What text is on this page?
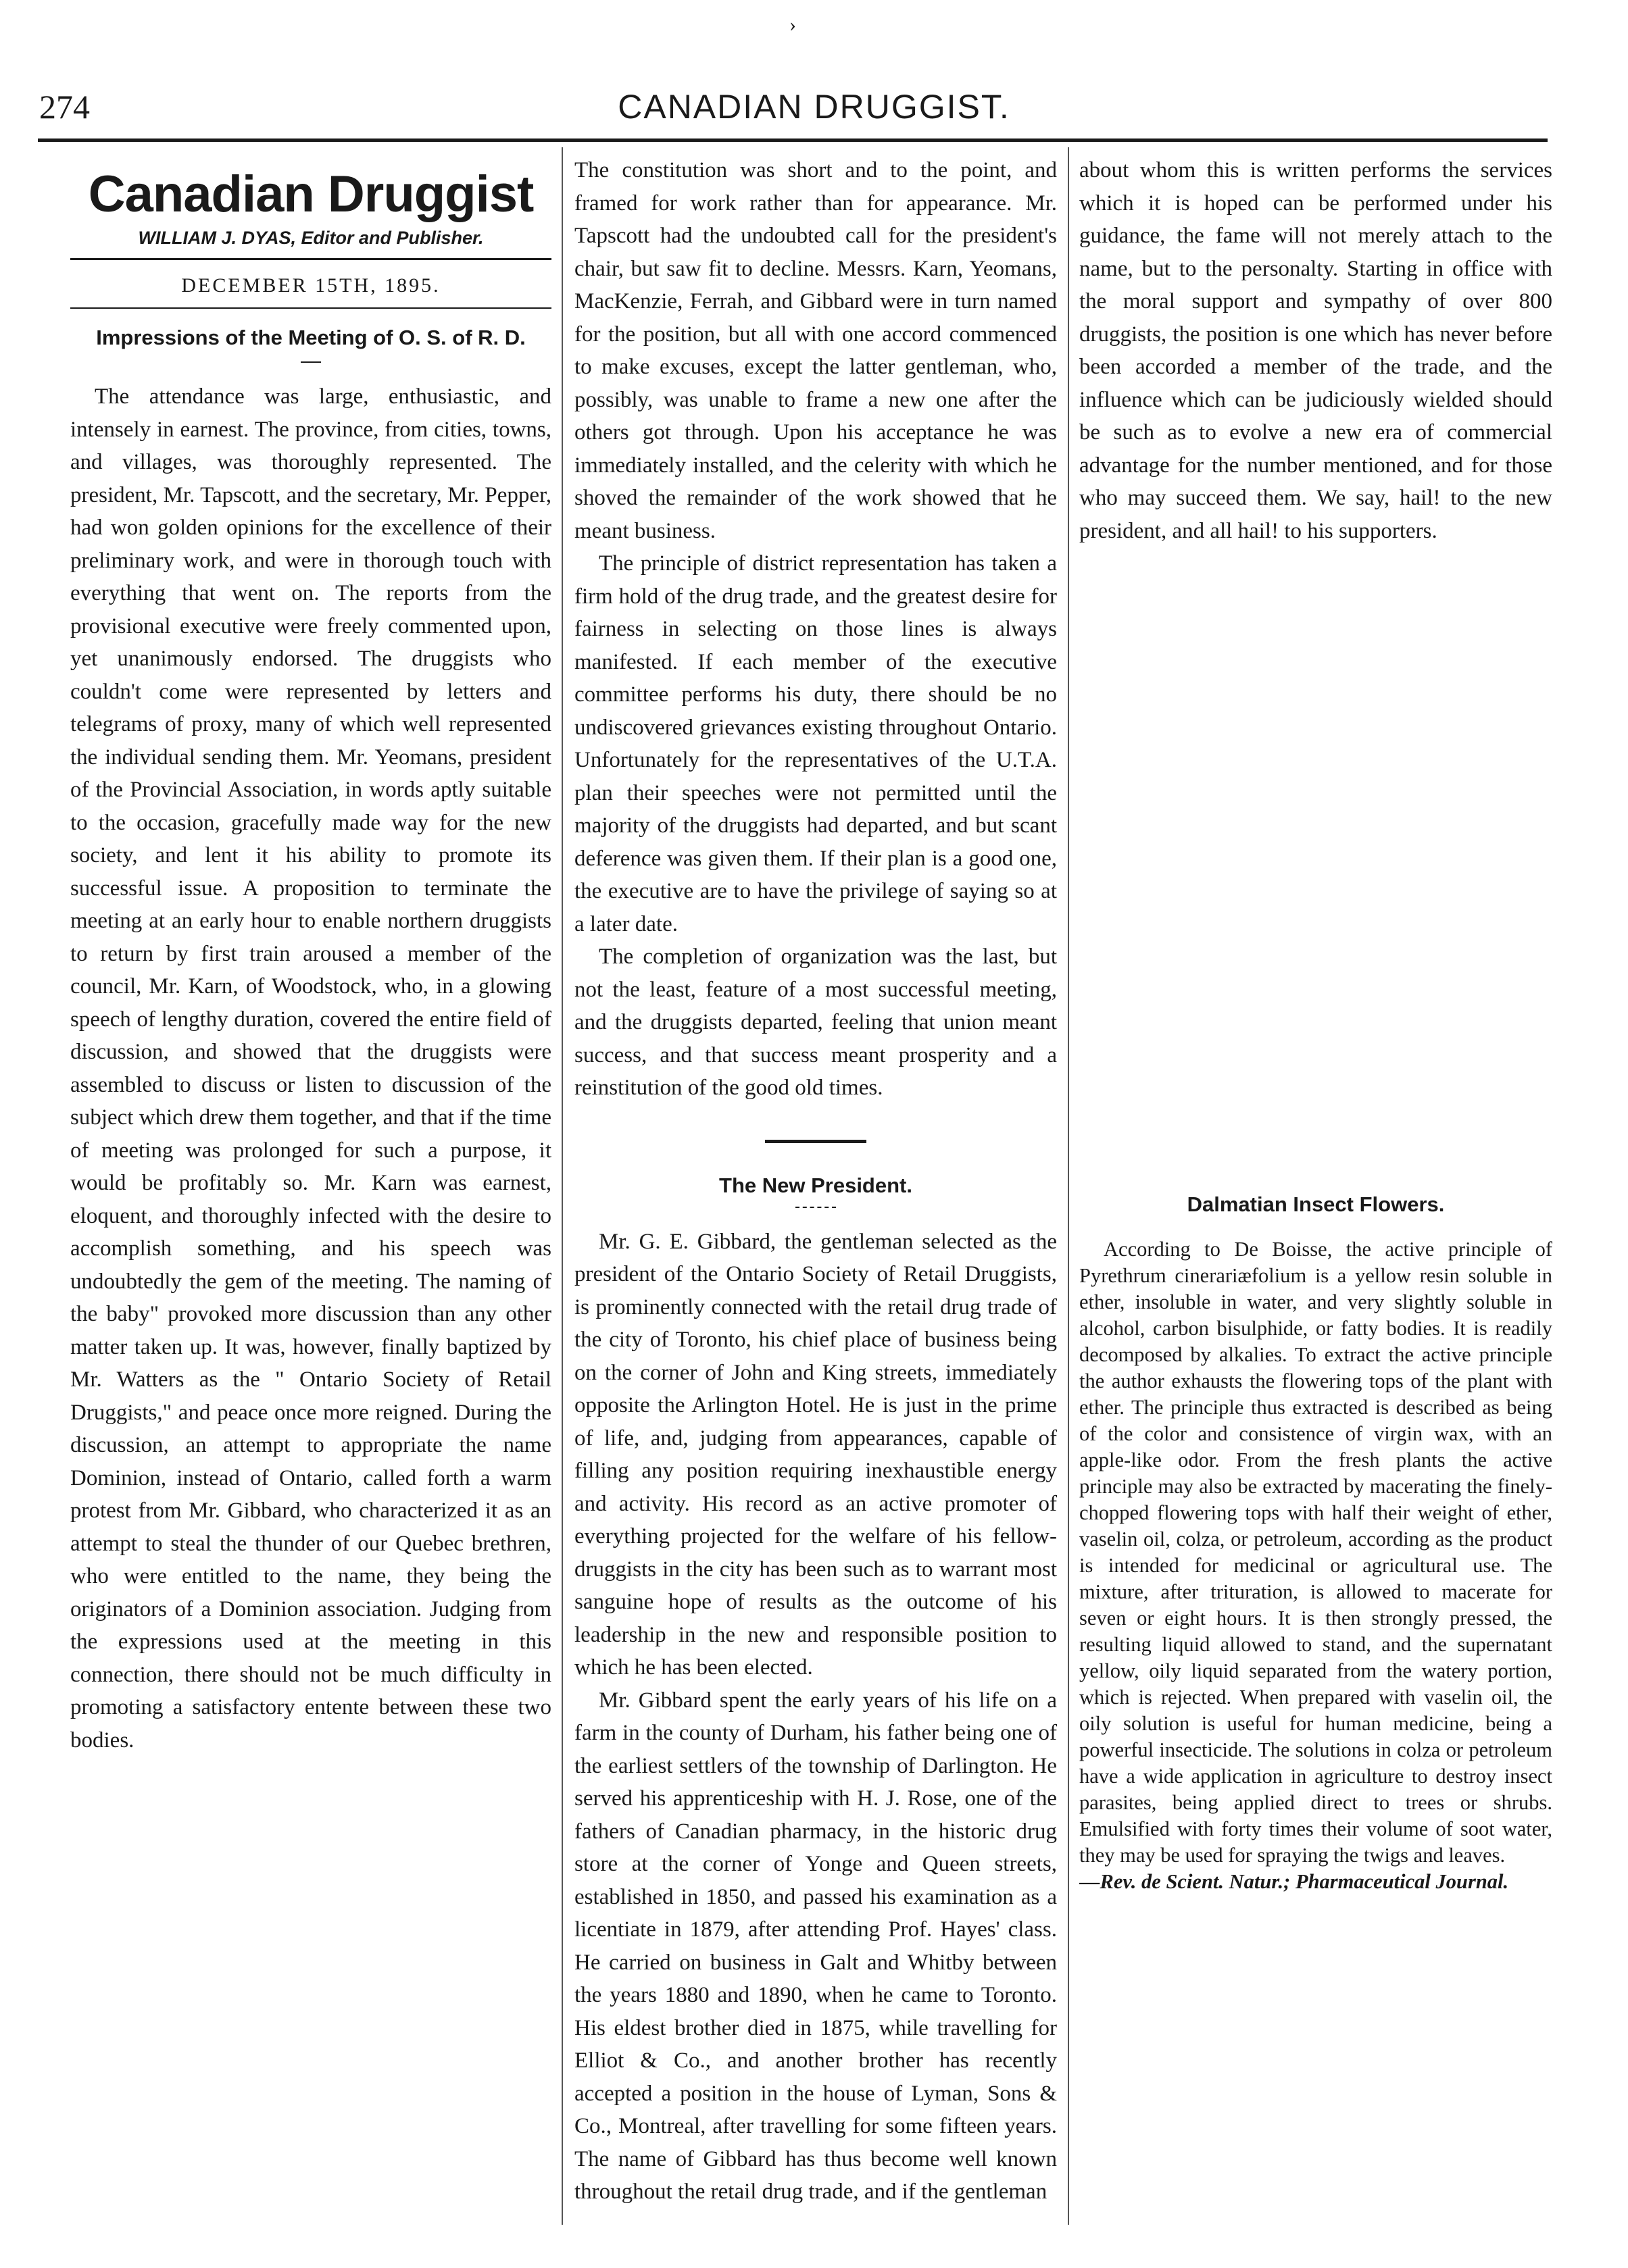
›
274	CANADIAN DRUGGIST.
Canadian Druggist
WILLIAM J. DYAS, Editor and Publisher.
DECEMBER 15TH, 1895.
Impressions of the Meeting of O. S. of R. D.

The attendance was large, enthusiastic, and intensely in earnest. The province, from cities, towns, and villages, was thoroughly represented. The president, Mr. Tapscott, and the secretary, Mr. Pepper, had won golden opinions for the excellence of their preliminary work, and were in thorough touch with everything that went on. The reports from the provisional executive were freely commented upon, yet unanimously endorsed. The druggists who couldn't come were represented by letters and telegrams of proxy, many of which well represented the individual sending them. Mr. Yeomans, president of the Provincial Association, in words aptly suitable to the occasion, gracefully made way for the new society, and lent it his ability to promote its successful issue. A proposition to terminate the meeting at an early hour to enable northern druggists to return by first train aroused a member of the council, Mr. Karn, of Woodstock, who, in a glowing speech of lengthy duration, covered the entire field of discussion, and showed that the druggists were assembled to discuss or listen to discussion of the subject which drew them together, and that if the time of meeting was prolonged for such a purpose, it would be profitably so. Mr. Karn was earnest, eloquent, and thoroughly infected with the desire to accomplish something, and his speech was undoubtedly the gem of the meeting. The naming of the baby" provoked more discussion than any other matter taken up. It was, however, finally baptized by Mr. Watters as the " Ontario Society of Retail Druggists," and peace once more reigned. During the discussion, an attempt to appropriate the name Dominion, instead of Ontario, called forth a warm protest from Mr. Gibbard, who characterized it as an attempt to steal the thunder of our Quebec brethren, who were entitled to the name, they being the originators of a Dominion association. Judging from the expressions used at the meeting in this connection, there should not be much difficulty in promoting a satisfactory entente between these two bodies.

The constitution was short and to the point, and framed for work rather than for appearance. Mr. Tapscott had the undoubted call for the president's chair, but saw fit to decline. Messrs. Karn, Yeomans, MacKenzie, Ferrah, and Gibbard were in turn named for the position, but all with one accord commenced to make excuses, except the latter gentleman, who, possibly, was unable to frame a new one after the others got through. Upon his acceptance he was immediately installed, and the celerity with which he shoved the remainder of the work showed that he meant business.

The principle of district representation has taken a firm hold of the drug trade, and the greatest desire for fairness in selecting on those lines is always manifested. If each member of the executive committee performs his duty, there should be no undiscovered grievances existing throughout Ontario. Unfortunately for the representatives of the U.T.A. plan their speeches were not permitted until the majority of the druggists had departed, and but scant deference was given them. If their plan is a good one, the executive are to have the privilege of saying so at a later date.

The completion of organization was the last, but not the least, feature of a most successful meeting, and the druggists departed, feeling that union meant success, and that success meant prosperity and a reinstitution of the good old times.

The New President.

Mr. G. E. Gibbard, the gentleman selected as the president of the Ontario Society of Retail Druggists, is prominently connected with the retail drug trade of the city of Toronto, his chief place of business being on the corner of John and King streets, immediately opposite the Arlington Hotel. He is just in the prime of life, and, judging from appearances, capable of filling any position requiring inexhaustible energy and activity. His record as an active promoter of everything projected for the welfare of his fellow-druggists in the city has been such as to warrant most sanguine hope of results as the outcome of his leadership in the new and responsible position to which he has been elected.

Mr. Gibbard spent the early years of his life on a farm in the county of Durham, his father being one of the earliest settlers of the township of Darlington. He served his apprenticeship with H. J. Rose, one of the fathers of Canadian pharmacy, in the historic drug store at the corner of Yonge and Queen streets, established in 1850, and passed his examination as a licentiate in 1879, after attending Prof. Hayes' class. He carried on business in Galt and Whitby between the years 1880 and 1890, when he came to Toronto. His eldest brother died in 1875, while travelling for Elliot & Co., and another brother has recently accepted a position in the house of Lyman, Sons & Co., Montreal, after travelling for some fifteen years. The name of Gibbard has thus become well known throughout the retail drug trade, and if the gentleman

about whom this is written performs the services which it is hoped can be performed under his guidance, the fame will not merely attach to the name, but to the personalty. Starting in office with the moral support and sympathy of over 800 druggists, the position is one which has never before been accorded a member of the trade, and the influence which can be judiciously wielded should be such as to evolve a new era of commercial advantage for the number mentioned, and for those who may succeed them. We say, hail! to the new president, and all hail! to his supporters.

Dalmatian Insect Flowers.

According to De Boisse, the active principle of Pyrethrum cinerariæfolium is a yellow resin soluble in ether, insoluble in water, and very slightly soluble in alcohol, carbon bisulphide, or fatty bodies. It is readily decomposed by alkalies. To extract the active principle the author exhausts the flowering tops of the plant with ether. The principle thus extracted is described as being of the color and consistence of virgin wax, with an apple-like odor. From the fresh plants the active principle may also be extracted by macerating the finely-chopped flowering tops with half their weight of ether, vaselin oil, colza, or petroleum, according as the product is intended for medicinal or agricultural use. The mixture, after trituration, is allowed to macerate for seven or eight hours. It is then strongly pressed, the resulting liquid allowed to stand, and the supernatant yellow, oily liquid separated from the watery portion, which is rejected. When prepared with vaselin oil, the oily solution is useful for human medicine, being a powerful insecticide. The solutions in colza or petroleum have a wide application in agriculture to destroy insect parasites, being applied direct to trees or shrubs. Emulsified with forty times their volume of soot water, they may be used for spraying the twigs and leaves.

—Rev. de Scient. Natur.; Pharmaceutical Journal.
